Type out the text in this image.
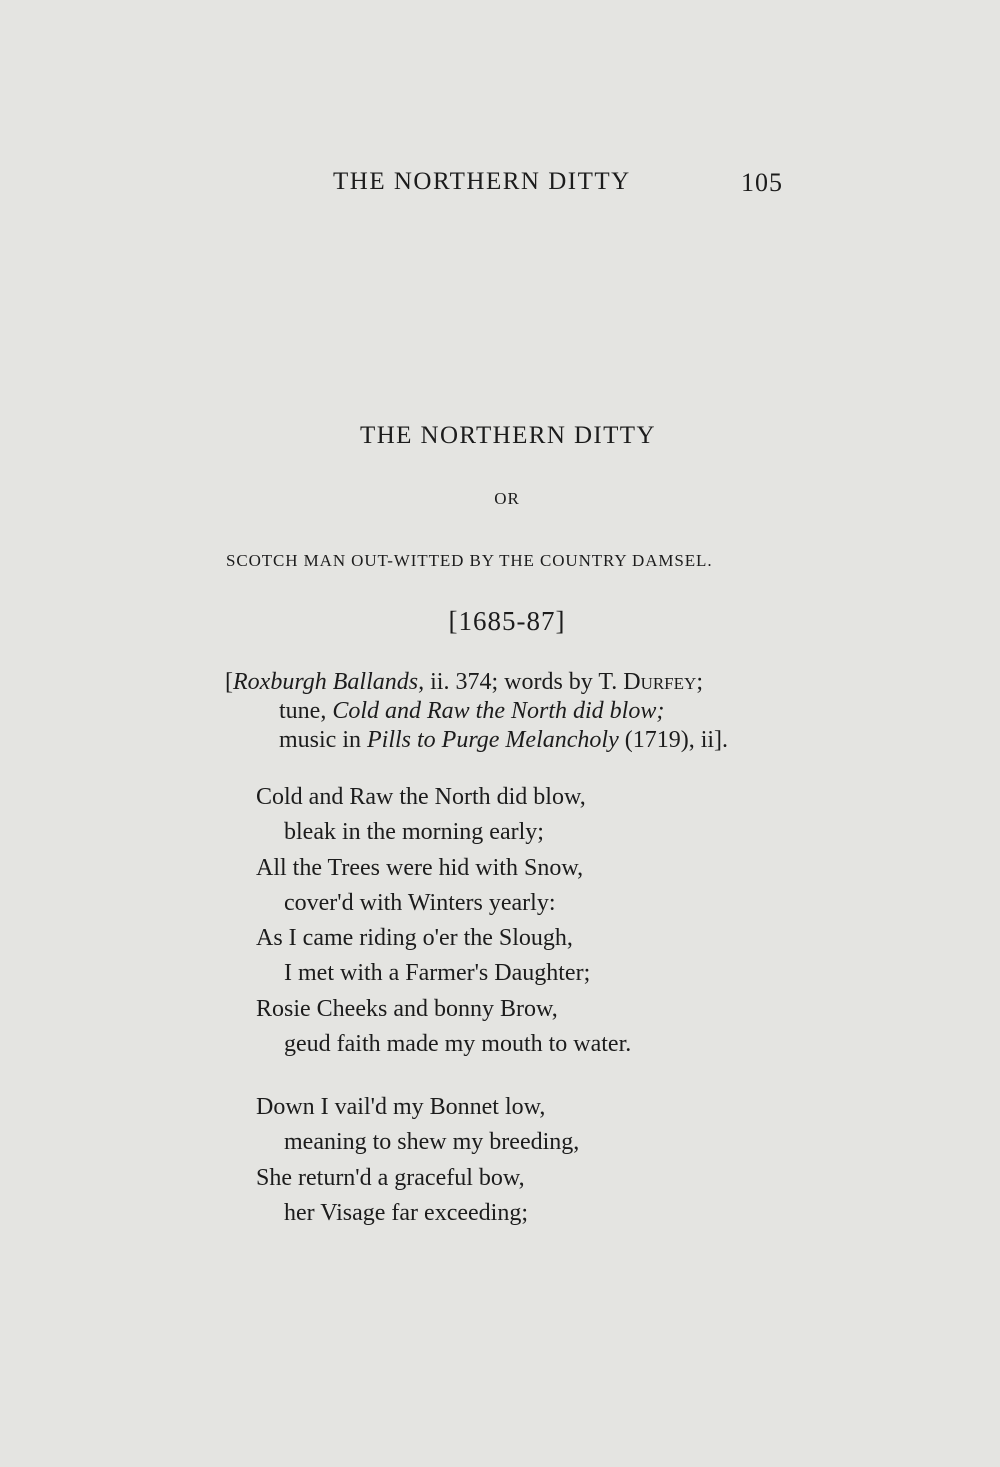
THE NORTHERN DITTY	105
THE NORTHERN DITTY
OR
SCOTCH MAN OUT-WITTED BY THE COUNTRY DAMSEL.
[1685-87]
[Roxburgh Ballands, ii. 374; words by T. Durfey;
tune, Cold and Raw the North did blow;
music in Pills to Purge Melancholy (1719), ii].
Cold and Raw the North did blow,
bleak in the morning early;
All the Trees were hid with Snow,
cover'd with Winters yearly:
As I came riding o'er the Slough,
I met with a Farmer's Daughter;
Rosie Cheeks and bonny Brow,
geud faith made my mouth to water.
Down I vail'd my Bonnet low,
meaning to shew my breeding,
She return'd a graceful bow,
her Visage far exceeding;
